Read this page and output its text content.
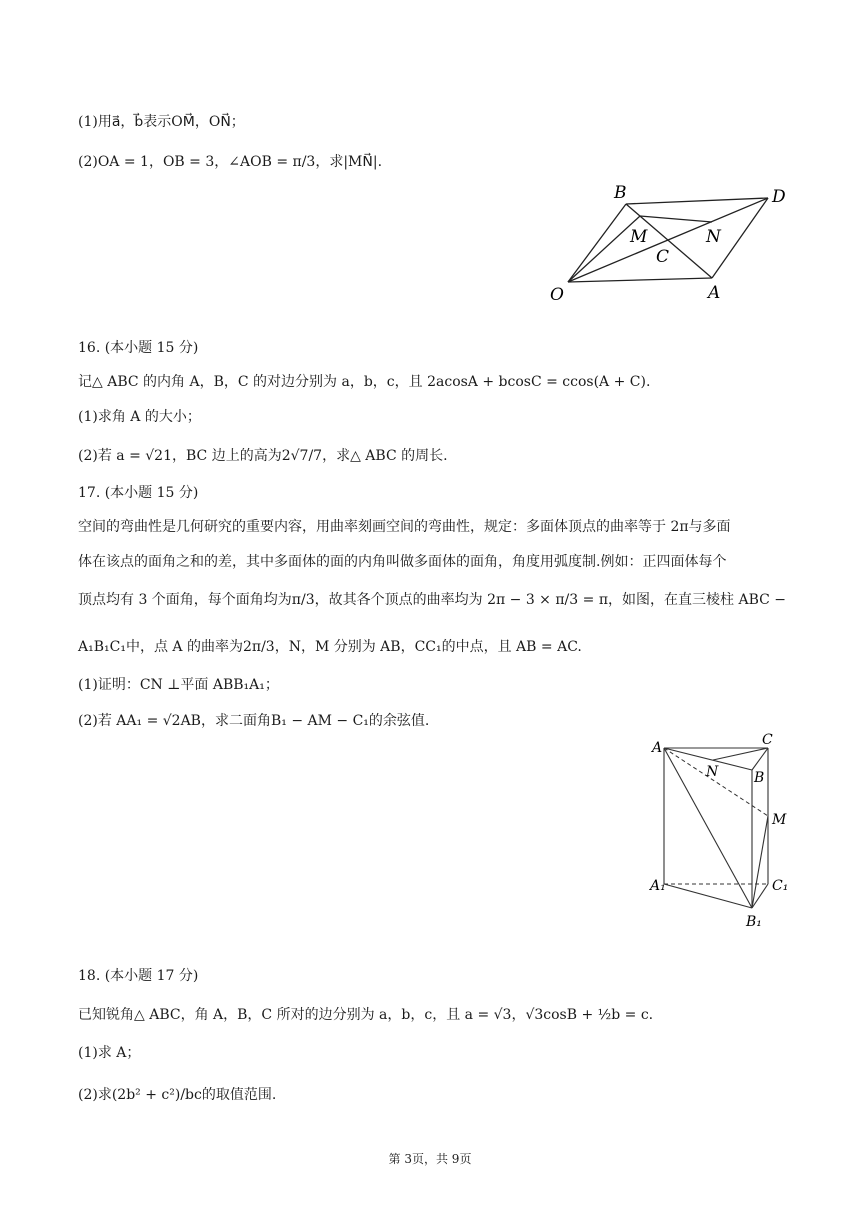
(1)用a⃗，b⃗表示OM⃗，ON⃗；
(2)OA = 1，OB = 3，∠AOB = π/3，求|MN⃗|.
B	D
M	N
C
O	A
16. (本小题 15 分)
记△ ABC 的内角 A，B，C 的对边分别为 a，b，c，且 2acosA + bcosC = ccos(A + C).
(1)求角 A 的大小；
(2)若 a = √21，BC 边上的高为2√7/7，求△ ABC 的周长.
17. (本小题 15 分)
空间的弯曲性是几何研究的重要内容，用曲率刻画空间的弯曲性，规定：多面体顶点的曲率等于 2π与多面
体在该点的面角之和的差，其中多面体的面的内角叫做多面体的面角，角度用弧度制.例如：正四面体每个
顶点均有 3 个面角，每个面角均为π/3，故其各个顶点的曲率均为 2π − 3 × π/3 = π，如图，在直三棱柱 ABC −
A₁B₁C₁中，点 A 的曲率为2π/3，N，M 分别为 AB，CC₁的中点，且 AB = AC.
(1)证明：CN ⊥平面 ABB₁A₁；
(2)若 AA₁ = √2AB，求二面角B₁ − AM − C₁的余弦值.
A	C
N	B
M
A₁	C₁
B₁
18. (本小题 17 分)
已知锐角△ ABC，角 A，B，C 所对的边分别为 a，b，c，且 a = √3，√3cosB + ½b = c.
(1)求 A；
(2)求(2b² + c²)/bc的取值范围.
第 3页，共 9页
